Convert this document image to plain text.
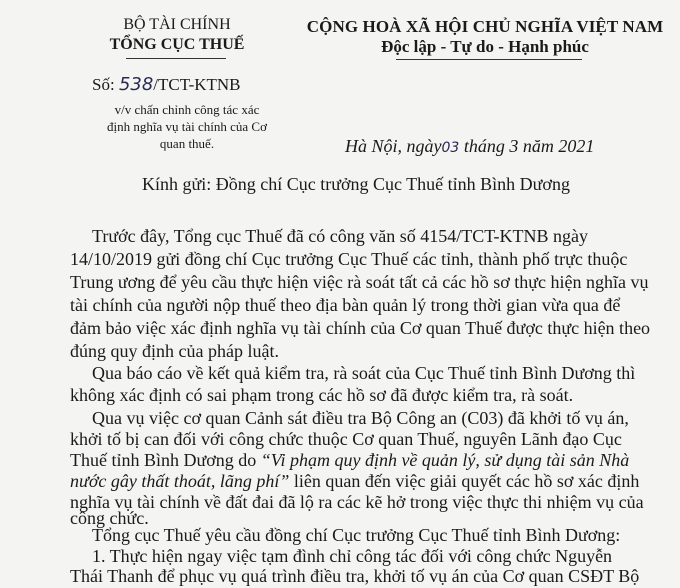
BỘ TÀI CHÍNH
TỔNG CỤC THUẾ
CỘNG HOÀ XÃ HỘI CHỦ NGHĨA VIỆT NAM
Độc lập - Tự do - Hạnh phúc
Số: 538/TCT-KTNB
v/v chấn chỉnh công tác xác
định nghĩa vụ tài chính của Cơ
quan thuế.	Hà Nội, ngày03 tháng 3 năm 2021
Kính gửi: Đồng chí Cục trưởng Cục Thuế tỉnh Bình Dương
Trước đây, Tổng cục Thuế đã có công văn số 4154/TCT-KTNB ngày
14/10/2019 gửi đồng chí Cục trưởng Cục Thuế các tỉnh, thành phố trực thuộc
Trung ương để yêu cầu thực hiện việc rà soát tất cả các hồ sơ thực hiện nghĩa vụ
tài chính của người nộp thuế theo địa bàn quản lý trong thời gian vừa qua để
đảm bảo việc xác định nghĩa vụ tài chính của Cơ quan Thuế được thực hiện theo
đúng quy định của pháp luật.
Qua báo cáo về kết quả kiểm tra, rà soát của Cục Thuế tỉnh Bình Dương thì
không xác định có sai phạm trong các hồ sơ đã được kiểm tra, rà soát.
Qua vụ việc cơ quan Cảnh sát điều tra Bộ Công an (C03) đã khởi tố vụ án,
khởi tố bị can đối với công chức thuộc Cơ quan Thuế, nguyên Lãnh đạo Cục
Thuế tỉnh Bình Dương do “Vi phạm quy định về quản lý, sử dụng tài sản Nhà
nước gây thất thoát, lãng phí” liên quan đến việc giải quyết các hồ sơ xác định
nghĩa vụ tài chính về đất đai đã lộ ra các kẽ hở trong việc thực thi nhiệm vụ của
công chức.
Tổng cục Thuế yêu cầu đồng chí Cục trưởng Cục Thuế tỉnh Bình Dương:
1. Thực hiện ngay việc tạm đình chỉ công tác đối với công chức Nguyễn
Thái Thanh để phục vụ quá trình điều tra, khởi tố vụ án của Cơ quan CSĐT Bộ
